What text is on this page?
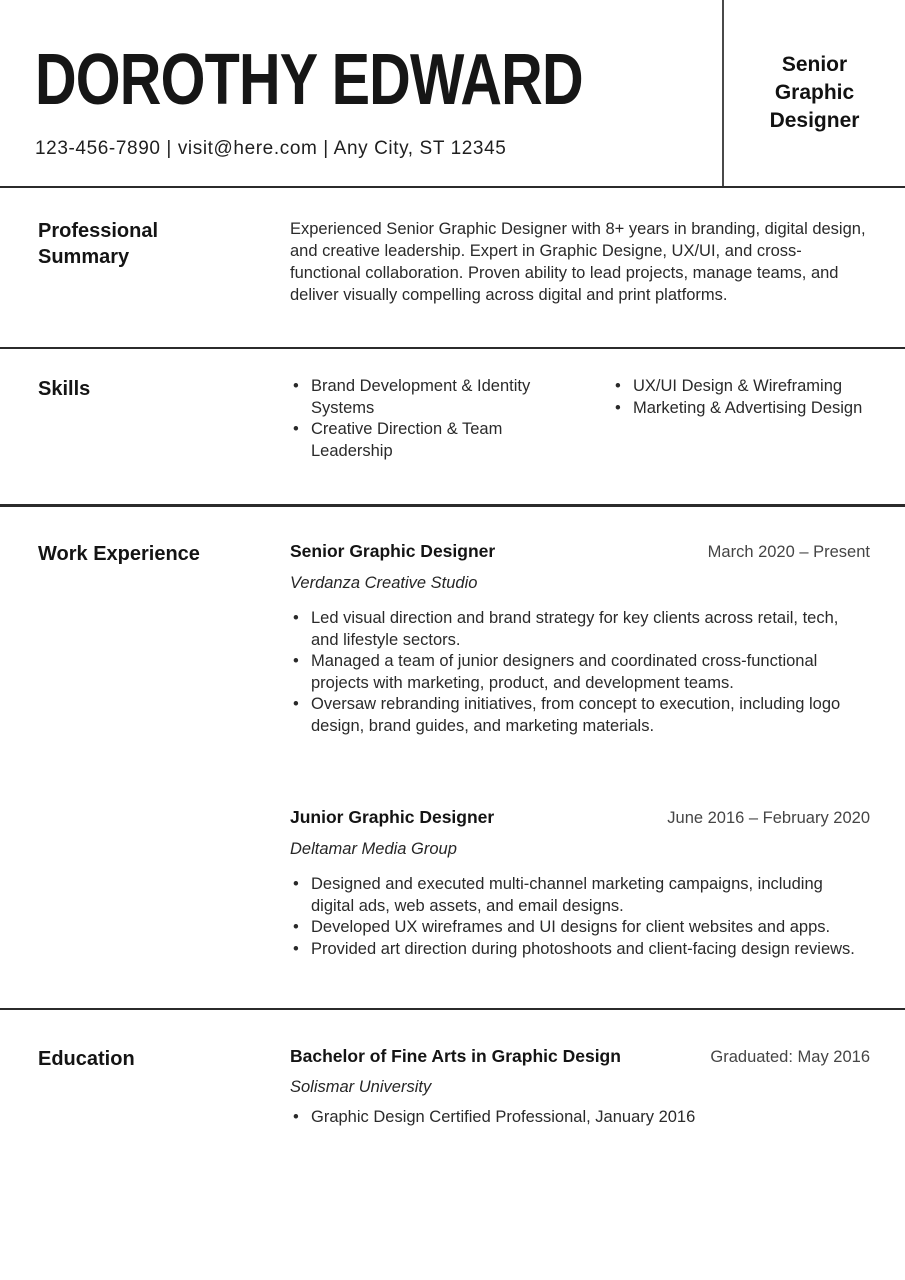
DOROTHY EDWARD
123-456-7890 | visit@here.com | Any City, ST 12345
Senior Graphic Designer
Professional Summary
Experienced Senior Graphic Designer with 8+ years in branding, digital design, and creative leadership. Expert in Graphic Designe, UX/UI, and cross-functional collaboration. Proven ability to lead projects, manage teams, and deliver visually compelling across digital and print platforms.
Skills	• Brand Development & Identity Systems
• Creative Direction & Team Leadership
• UX/UI Design & Wireframing
• Marketing & Advertising Design
Work Experience	Senior Graphic Designer	March 2020 – Present
Verdanza Creative Studio
• Led visual direction and brand strategy for key clients across retail, tech, and lifestyle sectors.
• Managed a team of junior designers and coordinated cross-functional projects with marketing, product, and development teams.
• Oversaw rebranding initiatives, from concept to execution, including logo design, brand guides, and marketing materials.
Junior Graphic Designer	June 2016 – February 2020
Deltamar Media Group
• Designed and executed multi-channel marketing campaigns, including digital ads, web assets, and email designs.
• Developed UX wireframes and UI designs for client websites and apps.
• Provided art direction during photoshoots and client-facing design reviews.
Education	Bachelor of Fine Arts in Graphic Design	Graduated: May 2016
Solismar University
• Graphic Design Certified Professional, January 2016
